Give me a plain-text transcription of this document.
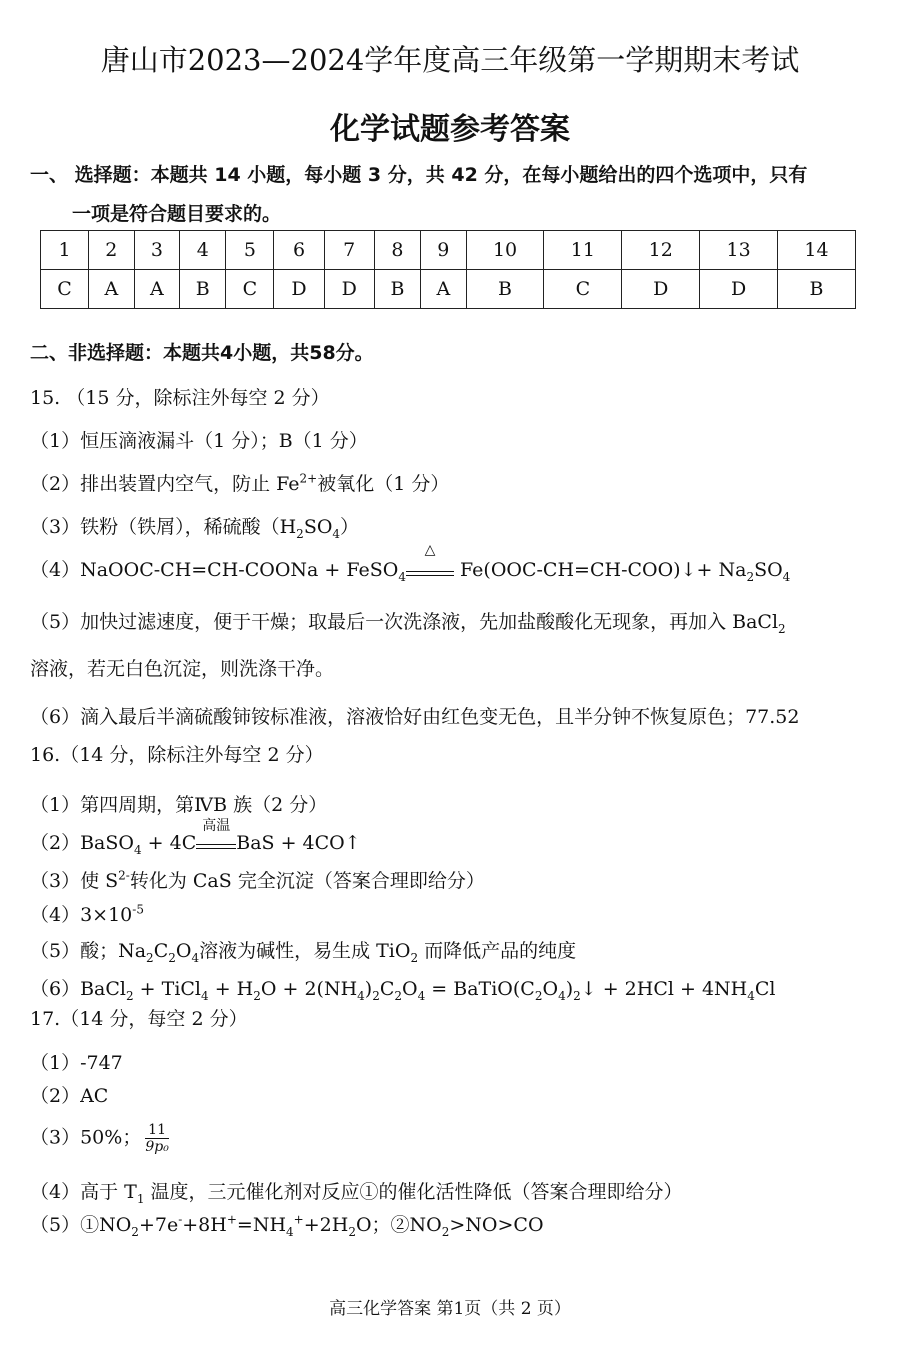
唐山市2023—2024学年度高三年级第一学期期末考试
化学试题参考答案
一、 选择题：本题共 14 小题，每小题 3 分，共 42 分，在每小题给出的四个选项中，只有
一项是符合题目要求的。
1	2	3	4	5	6	7	8	9	10	11	12	13	14
C	A	A	B	C	D	D	B	A	B	C	D	D	B
二、非选择题：本题共4小题，共58分。
15. （15 分，除标注外每空 2 分）
（1）恒压滴液漏斗（1 分）；B（1 分）
（2）排出装置内空气，防止 $Fe^{2+}$被氧化（1 分）
（3）铁粉（铁屑），稀硫酸$(H_2SO_4)$
（4）NaOOC-CH=CH-COONa + FeSO$_4$
△
Fe(OOC-CH=CH-COO)↓+ $Na_2SO_4$
（5）加快过滤速度，便于干燥；取最后一次洗涤液，先加盐酸酸化无现象，再加入 BaCl$_2$
溶液，若无白色沉淀，则洗涤干净。
（6）滴入最后半滴硫酸铈铵标准液，溶液恰好由红色变无色，且半分钟不恢复原色；77.52
16.（14 分，除标注外每空 2 分）
（1）第四周期，第ⅣB 族（2 分）
（2）BaSO$_4$ + 4C
高温
BaS + 4CO↑
（3）使 $S^{2-}$转化为 CaS 完全沉淀（答案合理即给分）
$(4)3\times 10^{-5}$
（5）酸；$Na_2C_2O_4$溶液为碱性，易生成 TiO$_2$ 而降低产品的纯度
（6）BaCl$_2$ + TiCl$_4$ + $H_2O + 2(NH_4)_2C_2O_4$ = $BaTiO(C_2O_4)_2↓ + 2HCl + 4NH_4Cl$
17.（14 分，每空 2 分）
（1）-747
（2）AC
（3）50%； $\frac{11}{\text{9p₀}}$
（4）高于 $T_1$ 温度，三元催化剂对反应①的催化活性降低（答案合理即给分）
$(5)①NO_2+7e^-+8H^+=NH_4^++2H_2O$；$②NO_2>NO>CO$
高三化学答案 第1页（共 2 页）
